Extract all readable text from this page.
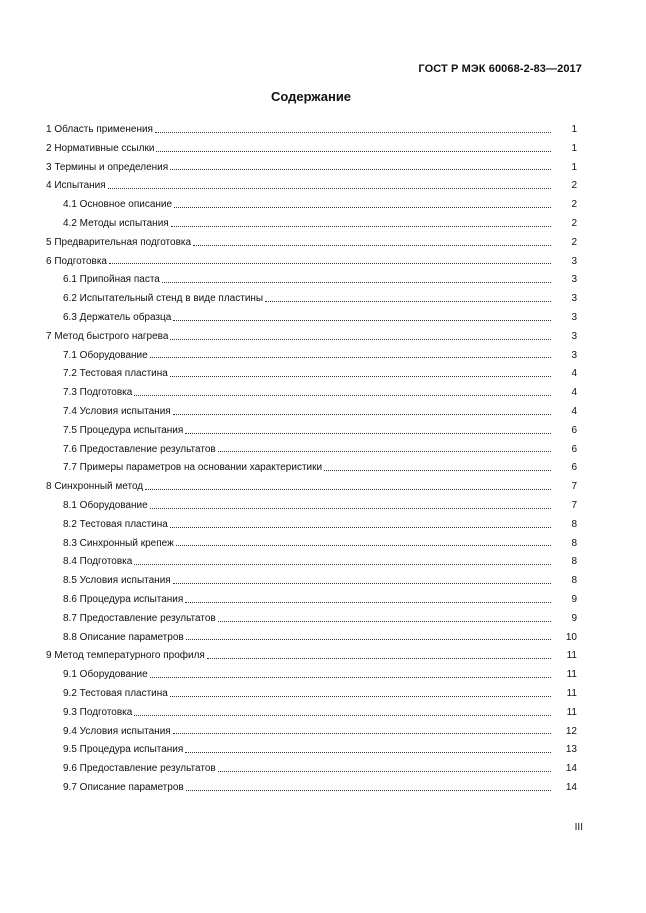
ГОСТ Р МЭК 60068-2-83—2017
Содержание
1 Область применения	1
2 Нормативные ссылки	1
3 Термины и определения	1
4 Испытания	2
4.1 Основное описание	2
4.2 Методы испытания	2
5 Предварительная подготовка	2
6 Подготовка	3
6.1 Припойная паста	3
6.2 Испытательный стенд в виде пластины	3
6.3 Держатель образца	3
7 Метод быстрого нагрева	3
7.1 Оборудование	3
7.2 Тестовая пластина	4
7.3 Подготовка	4
7.4 Условия испытания	4
7.5 Процедура испытания	6
7.6 Предоставление результатов	6
7.7 Примеры параметров на основании характеристики	6
8 Синхронный метод	7
8.1 Оборудование	7
8.2 Тестовая пластина	8
8.3 Синхронный крепеж	8
8.4 Подготовка	8
8.5 Условия испытания	8
8.6 Процедура испытания	9
8.7 Предоставление результатов	9
8.8 Описание параметров	10
9 Метод температурного профиля	11
9.1 Оборудование	11
9.2 Тестовая пластина	11
9.3 Подготовка	11
9.4 Условия испытания	12
9.5 Процедура испытания	13
9.6 Предоставление результатов	14
9.7 Описание параметров	14
III
